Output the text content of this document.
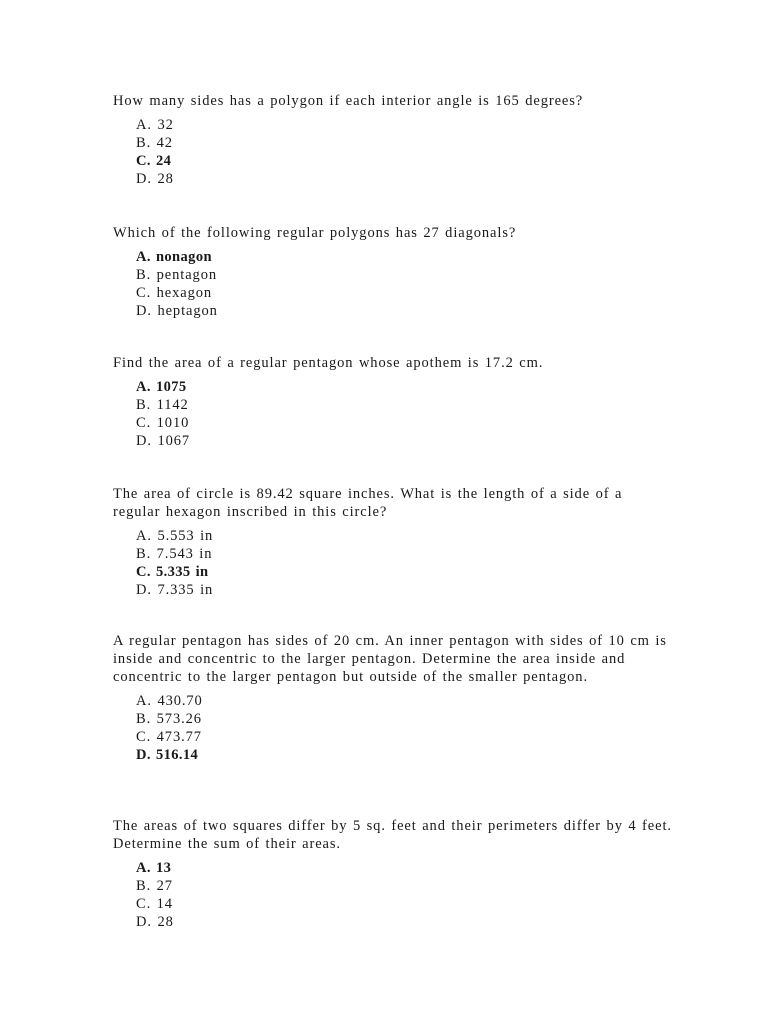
How many sides has a polygon if each interior angle is 165 degrees?

A. 32
B. 42
C. 24
D. 28

Which of the following regular polygons has 27 diagonals?

A. nonagon
B. pentagon
C. hexagon
D. heptagon

Find the area of a regular pentagon whose apothem is 17.2 cm.

A. 1075
B. 1142
C. 1010
D. 1067

The area of circle is 89.42 square inches. What is the length of a side of a regular hexagon inscribed in this circle?

A. 5.553 in
B. 7.543 in
C. 5.335 in
D. 7.335 in

A regular pentagon has sides of 20 cm. An inner pentagon with sides of 10 cm is inside and concentric to the larger pentagon. Determine the area inside and concentric to the larger pentagon but outside of the smaller pentagon.

A. 430.70
B. 573.26
C. 473.77
D. 516.14

The areas of two squares differ by 5 sq. feet and their perimeters differ by 4 feet. Determine the sum of their areas.

A. 13
B. 27
C. 14
D. 28
